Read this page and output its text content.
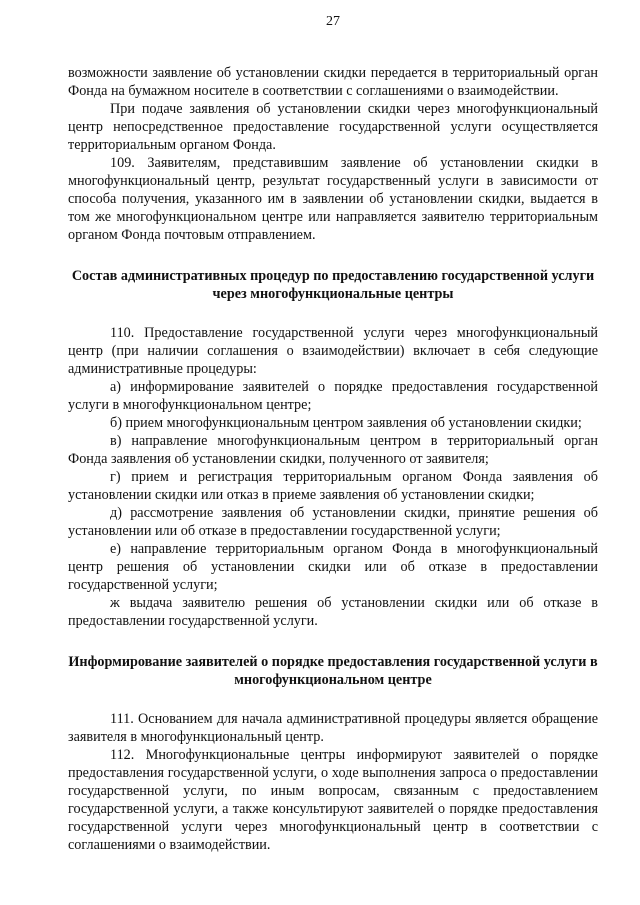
27

возможности заявление об установлении скидки передается в территориальный орган Фонда на бумажном носителе в соответствии с соглашениями о взаимодействии.

При подаче заявления об установлении скидки через многофункциональный центр непосредственное предоставление государственной услуги осуществляется территориальным органом Фонда.

109. Заявителям, представившим заявление об установлении скидки в многофункциональный центр, результат государственный услуги в зависимости от способа получения, указанного им в заявлении об установлении скидки, выдается в том же многофункциональном центре или направляется заявителю территориальным органом Фонда почтовым отправлением.

Состав административных процедур по предоставлению государственной услуги через многофункциональные центры

110. Предоставление государственной услуги через многофункциональный центр (при наличии соглашения о взаимодействии) включает в себя следующие административные процедуры:

а) информирование заявителей о порядке предоставления государственной услуги в многофункциональном центре;

б) прием многофункциональным центром заявления об установлении скидки;

в) направление многофункциональным центром в территориальный орган Фонда заявления об установлении скидки, полученного от заявителя;

г) прием и регистрация территориальным органом Фонда заявления об установлении скидки или отказ в приеме заявления об установлении скидки;

д) рассмотрение заявления об установлении скидки, принятие решения об установлении или об отказе в предоставлении государственной услуги;

е) направление территориальным органом Фонда в многофункциональный центр решения об установлении скидки или об отказе в предоставлении государственной услуги;

ж выдача заявителю решения об установлении скидки или об отказе в предоставлении государственной услуги.

Информирование заявителей о порядке предоставления государственной услуги в многофункциональном центре

111. Основанием для начала административной процедуры является обращение заявителя в многофункциональный центр.

112. Многофункциональные центры информируют заявителей о порядке предоставления государственной услуги, о ходе выполнения запроса о предоставлении государственной услуги, по иным вопросам, связанным с предоставлением государственной услуги, а также консультируют заявителей о порядке предоставления государственной услуги через многофункциональный центр в соответствии с соглашениями о взаимодействии.
